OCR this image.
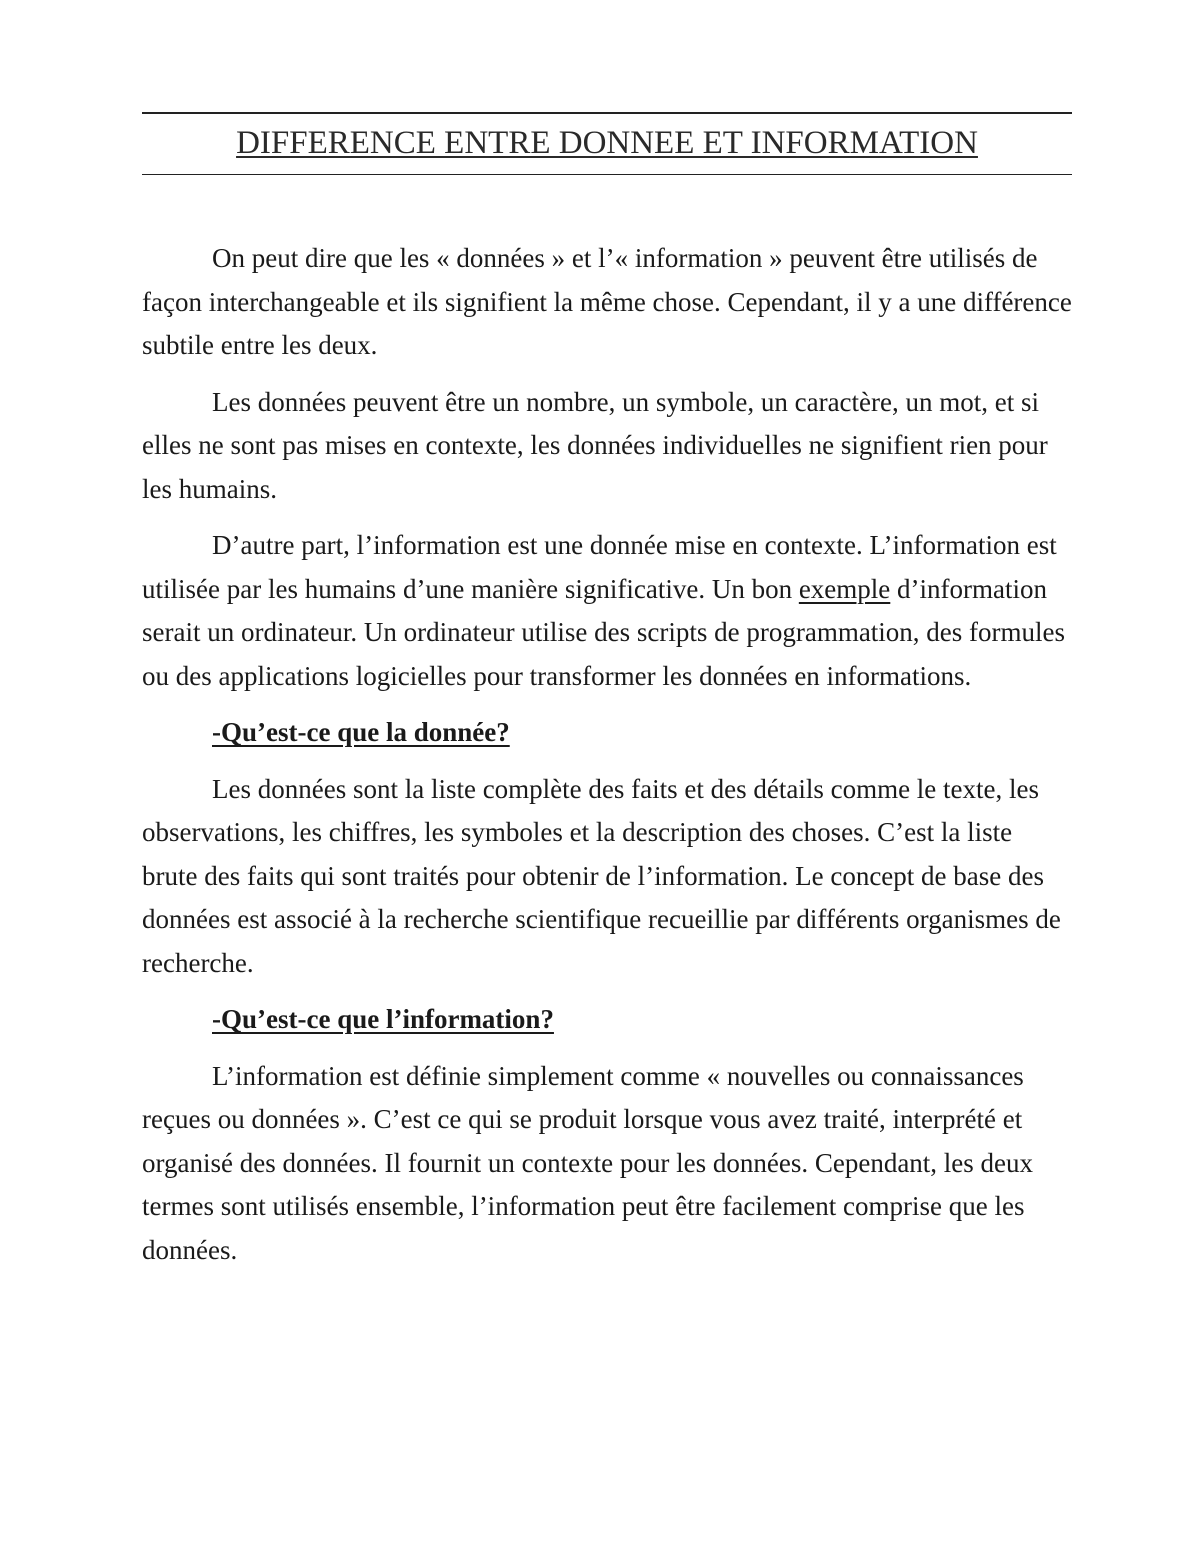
DIFFERENCE ENTRE DONNEE ET INFORMATION

On peut dire que les « données » et l’« information » peuvent être utilisés de façon interchangeable et ils signifient la même chose. Cependant, il y a une différence subtile entre les deux.

Les données peuvent être un nombre, un symbole, un caractère, un mot, et si elles ne sont pas mises en contexte, les données individuelles ne signifient rien pour les humains.

D’autre part, l’information est une donnée mise en contexte. L’information est utilisée par les humains d’une manière significative. Un bon exemple d’information serait un ordinateur. Un ordinateur utilise des scripts de programmation, des formules ou des applications logicielles pour transformer les données en informations.

-Qu’est-ce que la donnée?

Les données sont la liste complète des faits et des détails comme le texte, les observations, les chiffres, les symboles et la description des choses. C’est la liste brute des faits qui sont traités pour obtenir de l’information. Le concept de base des données est associé à la recherche scientifique recueillie par différents organismes de recherche.

-Qu’est-ce que l’information?

L’information est définie simplement comme « nouvelles ou connaissances reçues ou données ». C’est ce qui se produit lorsque vous avez traité, interprété et organisé des données. Il fournit un contexte pour les données. Cependant, les deux termes sont utilisés ensemble, l’information peut être facilement comprise que les données.
